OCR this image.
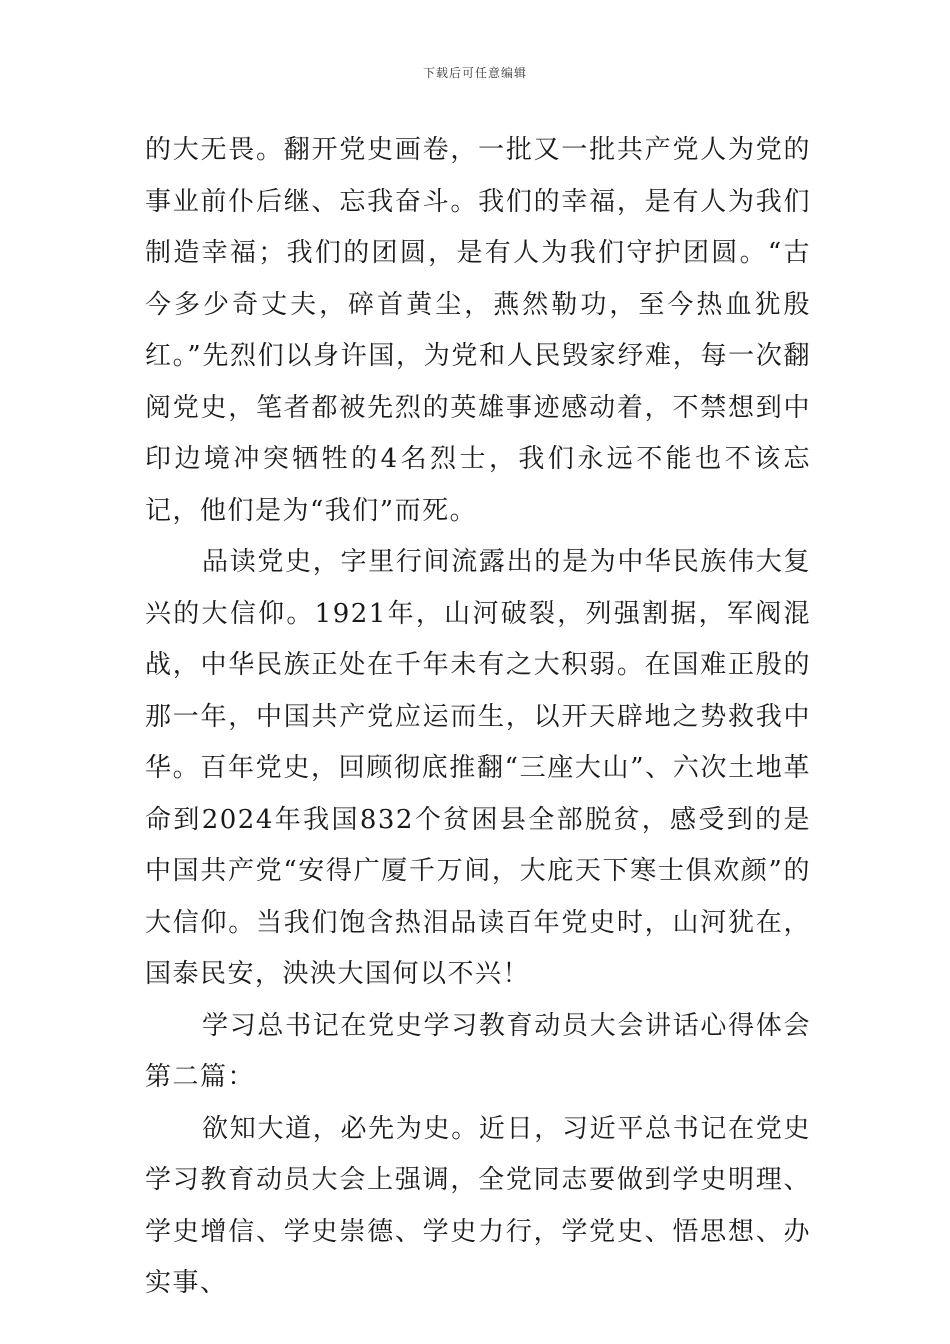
下载后可任意编辑

的大无畏。翻开党史画卷，一批又一批共产党人为党的事业前仆后继、忘我奋斗。我们的幸福，是有人为我们制造幸福；我们的团圆，是有人为我们守护团圆。“古今多少奇丈夫，碎首黄尘，燕然勒功，至今热血犹殷红。”先烈们以身许国，为党和人民毁家纾难，每一次翻阅党史，笔者都被先烈的英雄事迹感动着，不禁想到中印边境冲突牺牲的4名烈士，我们永远不能也不该忘记，他们是为“我们”而死。

品读党史，字里行间流露出的是为中华民族伟大复兴的大信仰。1921年，山河破裂，列强割据，军阀混战，中华民族正处在千年未有之大积弱。在国难正殷的那一年，中国共产党应运而生，以开天辟地之势救我中华。百年党史，回顾彻底推翻“三座大山”、六次土地革命到2024年我国832个贫困县全部脱贫，感受到的是中国共产党“安得广厦千万间，大庇天下寒士俱欢颜”的大信仰。当我们饱含热泪品读百年党史时，山河犹在，国泰民安，泱泱大国何以不兴！

学习总书记在党史学习教育动员大会讲话心得体会 第二篇：

欲知大道，必先为史。近日，习近平总书记在党史学习教育动员大会上强调，全党同志要做到学史明理、学史增信、学史崇德、学史力行，学党史、悟思想、办实事、
